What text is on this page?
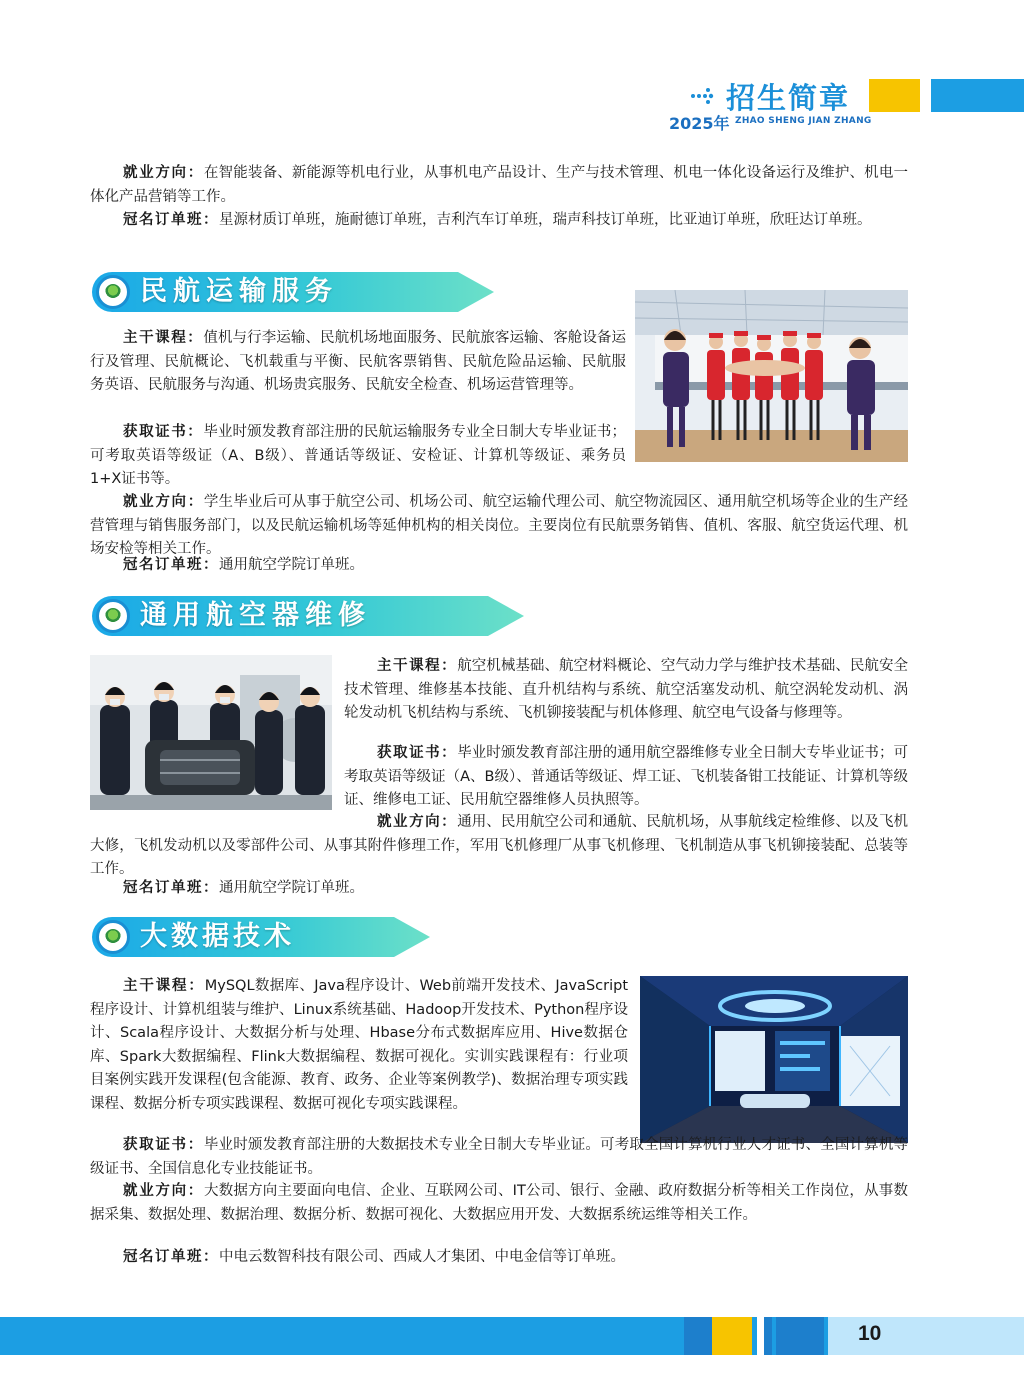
招生简章
2025年 ZHAO SHENG JIAN ZHANG
就业方向：在智能装备、新能源等机电行业，从事机电产品设计、生产与技术管理、机电一体化设备运行及维护、机电一体化产品营销等工作。
冠名订单班：星源材质订单班，施耐德订单班，吉利汽车订单班，瑞声科技订单班，比亚迪订单班，欣旺达订单班。
民航运输服务
主干课程：值机与行李运输、民航机场地面服务、民航旅客运输、客舱设备运行及管理、民航概论、飞机载重与平衡、民航客票销售、民航危险品运输、民航服务英语、民航服务与沟通、机场贵宾服务、民航安全检查、机场运营管理等。
获取证书：毕业时颁发教育部注册的民航运输服务专业全日制大专毕业证书；可考取英语等级证（A、B级）、普通话等级证、安检证、计算机等级证、乘务员1+X证书等。
就业方向：学生毕业后可从事于航空公司、机场公司、航空运输代理公司、航空物流园区、通用航空机场等企业的生产经营管理与销售服务部门，以及民航运输机场等延伸机构的相关岗位。主要岗位有民航票务销售、值机、客服、航空货运代理、机场安检等相关工作。
冠名订单班：通用航空学院订单班。
通用航空器维修
主干课程：航空机械基础、航空材料概论、空气动力学与维护技术基础、民航安全技术管理、维修基本技能、直升机结构与系统、航空活塞发动机、航空涡轮发动机、涡轮发动机飞机结构与系统、飞机铆接装配与机体修理、航空电气设备与修理等。
获取证书：毕业时颁发教育部注册的通用航空器维修专业全日制大专毕业证书；可考取英语等级证（A、B级）、普通话等级证、焊工证、飞机装备钳工技能证、计算机等级证、维修电工证、民用航空器维修人员执照等。
就业方向：通用、民用航空公司和通航、民航机场，从事航线定检维修、以及飞机大修，飞机发动机以及零部件公司、从事其附件修理工作，军用飞机修理厂从事飞机修理、飞机制造从事飞机铆接装配、总装等工作。
冠名订单班：通用航空学院订单班。
大数据技术
主干课程：MySQL数据库、Java程序设计、Web前端开发技术、JavaScript程序设计、计算机组装与维护、Linux系统基础、Hadoop开发技术、Python程序设计、Scala程序设计、大数据分析与处理、Hbase分布式数据库应用、Hive数据仓库、Spark大数据编程、Flink大数据编程、数据可视化。实训实践课程有：行业项目案例实践开发课程(包含能源、教育、政务、企业等案例教学)、数据治理专项实践课程、数据分析专项实践课程、数据可视化专项实践课程。
获取证书：毕业时颁发教育部注册的大数据技术专业全日制大专毕业证。可考取全国计算机行业人才证书、全国计算机等级证书、全国信息化专业技能证书。
就业方向：大数据方向主要面向电信、企业、互联网公司、IT公司、银行、金融、政府数据分析等相关工作岗位，从事数据采集、数据处理、数据治理、数据分析、数据可视化、大数据应用开发、大数据系统运维等相关工作。
冠名订单班：中电云数智科技有限公司、西咸人才集团、中电金信等订单班。
10
